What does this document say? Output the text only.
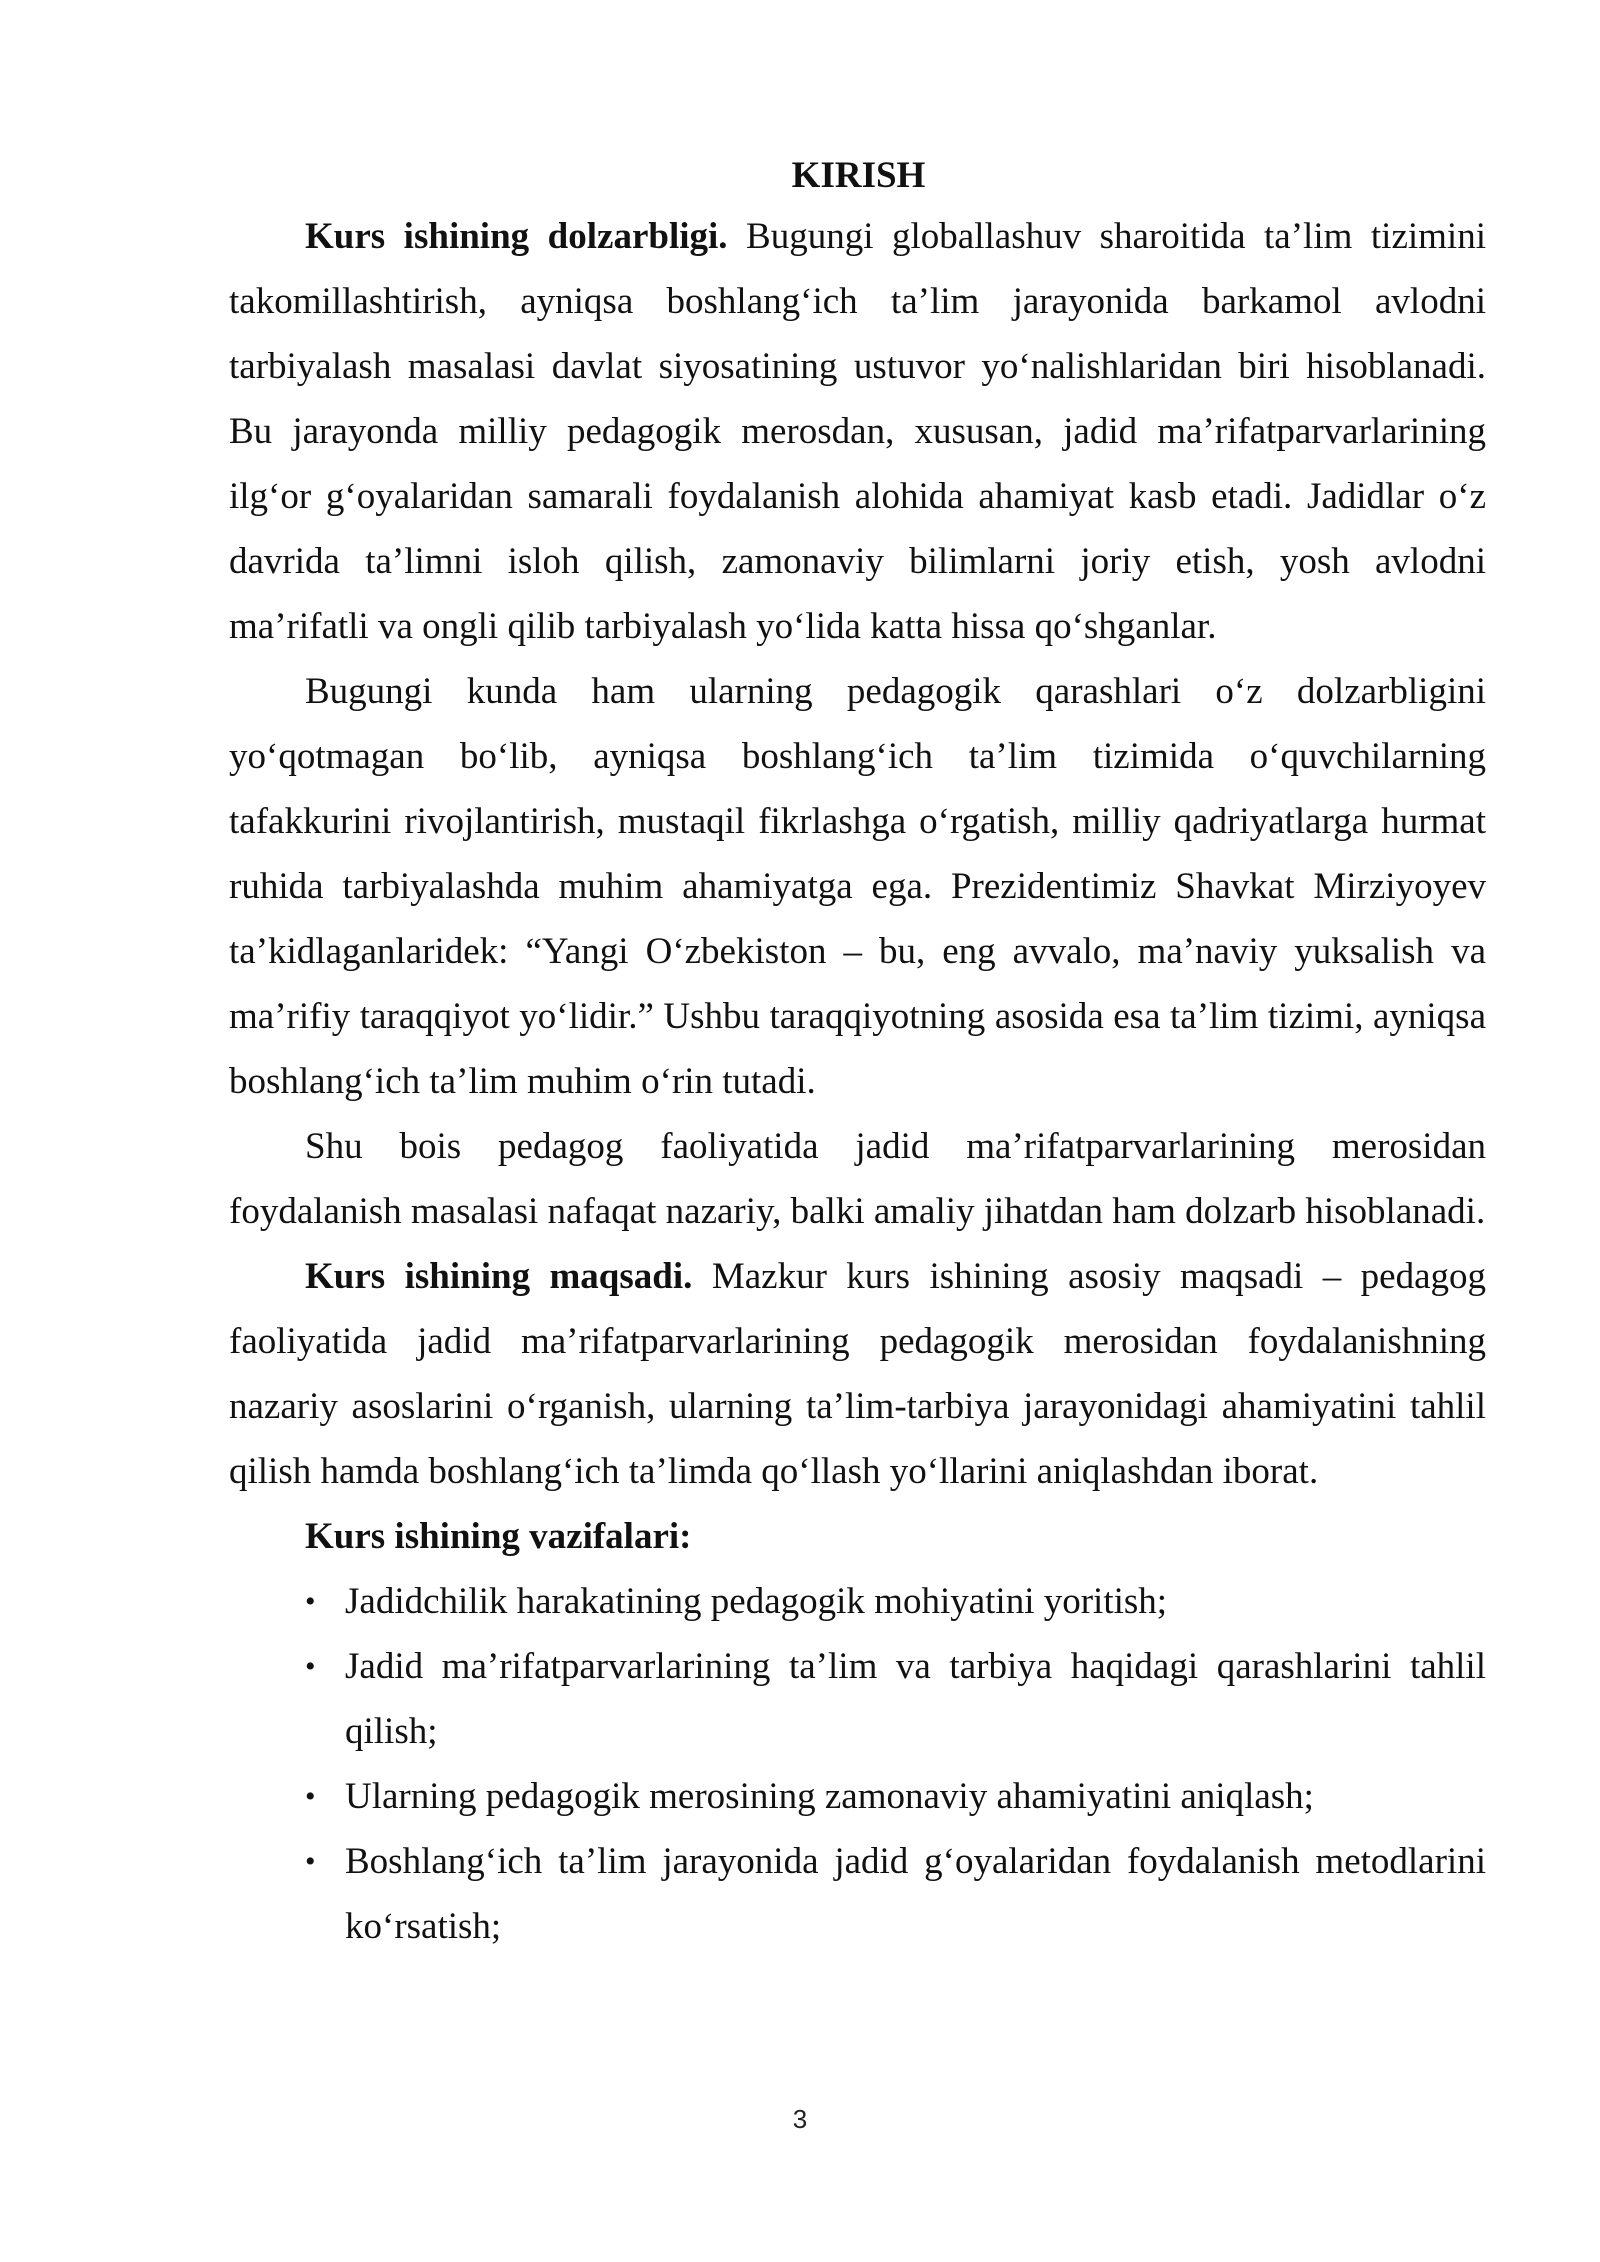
KIRISH

Kurs ishining dolzarbligi. Bugungi globallashuv sharoitida ta’lim tizimini takomillashtirish, ayniqsa boshlang‘ich ta’lim jarayonida barkamol avlodni tarbiyalash masalasi davlat siyosatining ustuvor yo‘nalishlaridan biri hisoblanadi. Bu jarayonda milliy pedagogik merosdan, xususan, jadid ma’rifatparvarlarining ilg‘or g‘oyalaridan samarali foydalanish alohida ahamiyat kasb etadi. Jadidlar o‘z davrida ta’limni isloh qilish, zamonaviy bilimlarni joriy etish, yosh avlodni ma’rifatli va ongli qilib tarbiyalash yo‘lida katta hissa qo‘shganlar.

Bugungi kunda ham ularning pedagogik qarashlari o‘z dolzarbligini yo‘qotmagan bo‘lib, ayniqsa boshlang‘ich ta’lim tizimida o‘quvchilarning tafakkurini rivojlantirish, mustaqil fikrlashga o‘rgatish, milliy qadriyatlarga hurmat ruhida tarbiyalashda muhim ahamiyatga ega. Prezidentimiz Shavkat Mirziyoyev ta’kidlaganlaridek: “Yangi O‘zbekiston – bu, eng avvalo, ma’naviy yuksalish va ma’rifiy taraqqiyot yo‘lidir.” Ushbu taraqqiyotning asosida esa ta’lim tizimi, ayniqsa boshlang‘ich ta’lim muhim o‘rin tutadi.

Shu bois pedagog faoliyatida jadid ma’rifatparvarlarining merosidan foydalanish masalasi nafaqat nazariy, balki amaliy jihatdan ham dolzarb hisoblanadi.

Kurs ishining maqsadi. Mazkur kurs ishining asosiy maqsadi – pedagog faoliyatida jadid ma’rifatparvarlarining pedagogik merosidan foydalanishning nazariy asoslarini o‘rganish, ularning ta’lim-tarbiya jarayonidagi ahamiyatini tahlil qilish hamda boshlang‘ich ta’limda qo‘llash yo‘llarini aniqlashdan iborat.

Kurs ishining vazifalari:
• Jadidchilik harakatining pedagogik mohiyatini yoritish;
• Jadid ma’rifatparvarlarining ta’lim va tarbiya haqidagi qarashlarini tahlil qilish;
• Ularning pedagogik merosining zamonaviy ahamiyatini aniqlash;
• Boshlang‘ich ta’lim jarayonida jadid g‘oyalaridan foydalanish metodlarini ko‘rsatish;
3
